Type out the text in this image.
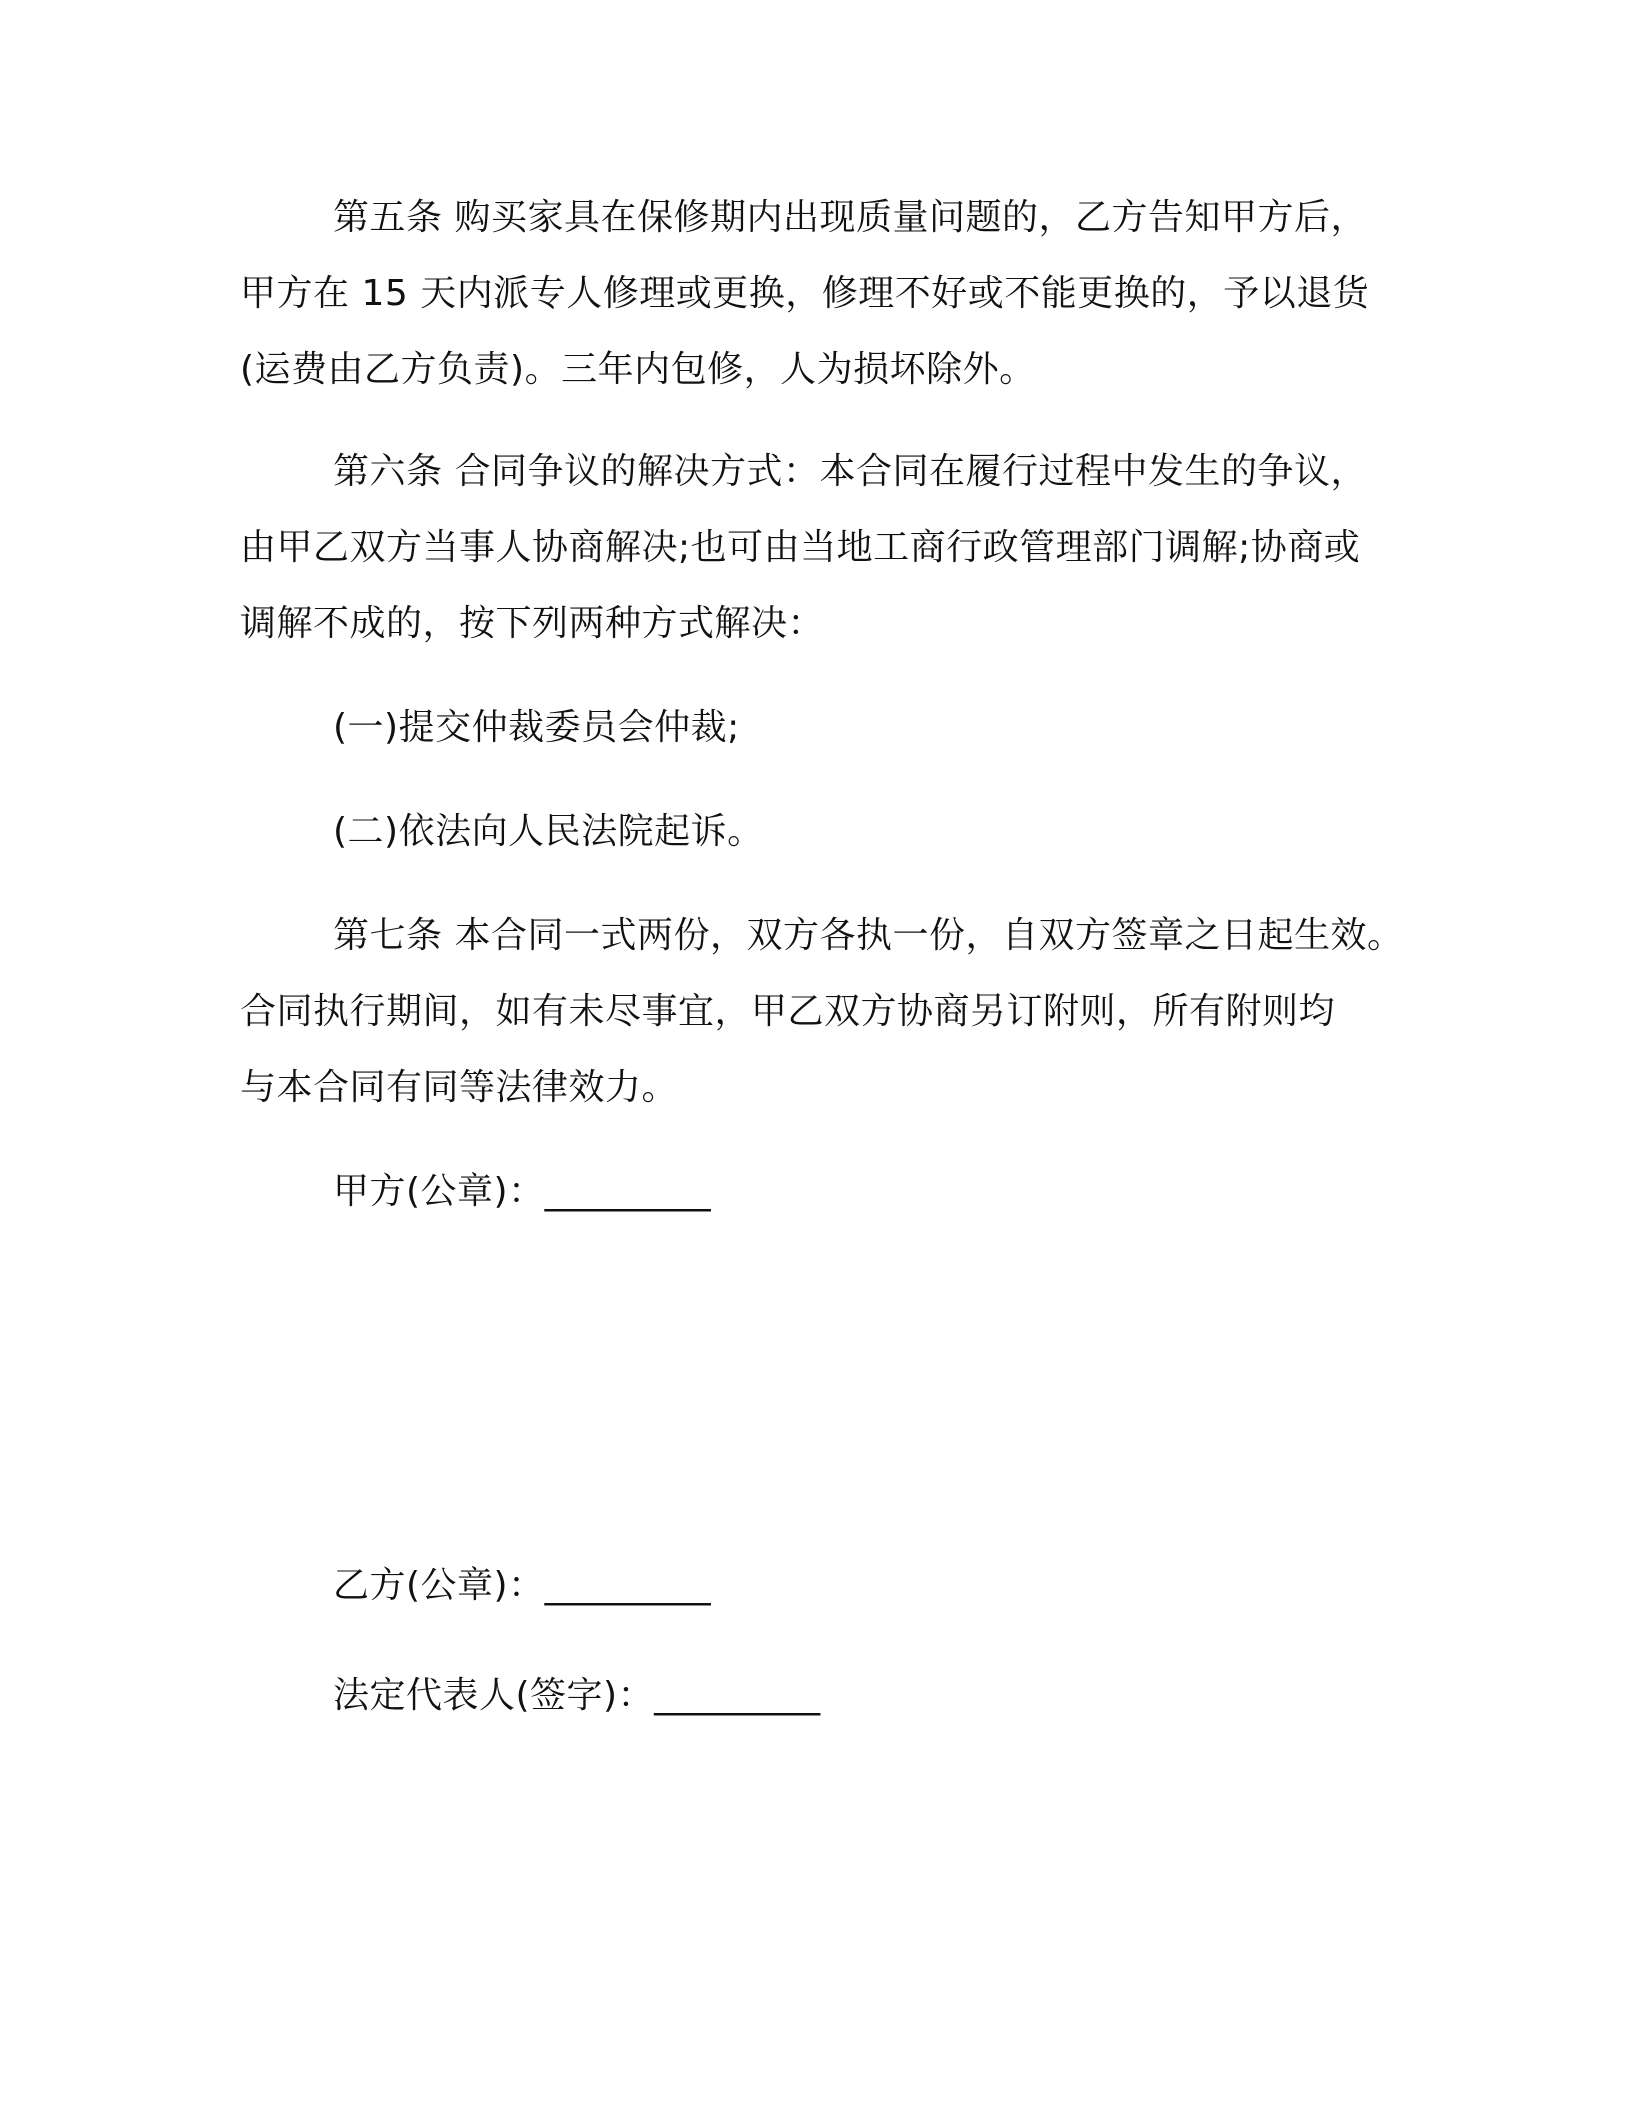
第五条 购买家具在保修期内出现质量问题的，乙方告知甲方后，
甲方在 15 天内派专人修理或更换，修理不好或不能更换的，予以退货
(运费由乙方负责)。三年内包修，人为损坏除外。
第六条 合同争议的解决方式：本合同在履行过程中发生的争议，
由甲乙双方当事人协商解决;也可由当地工商行政管理部门调解;协商或
调解不成的，按下列两种方式解决：
(一)提交仲裁委员会仲裁;
(二)依法向人民法院起诉。
第七条 本合同一式两份，双方各执一份，自双方签章之日起生效。
合同执行期间，如有未尽事宜，甲乙双方协商另订附则，所有附则均
与本合同有同等法律效力。
甲方(公章)：_________
乙方(公章)：_________
法定代表人(签字)：_________
